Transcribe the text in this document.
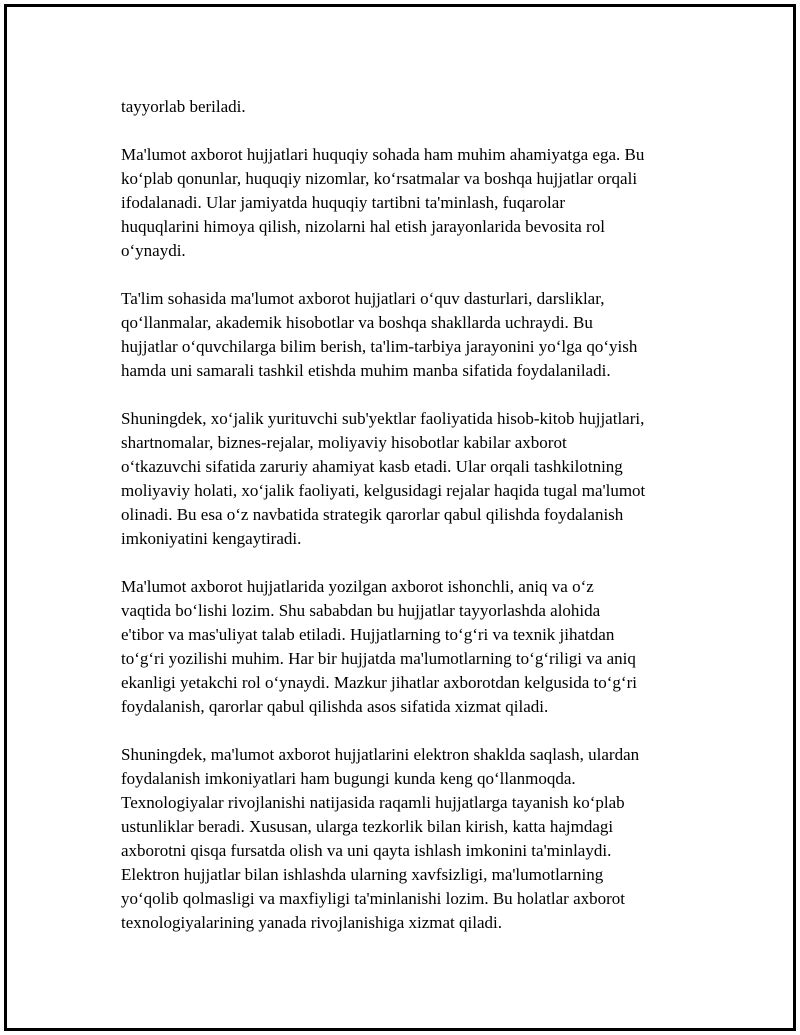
tayyorlab beriladi.

Ma'lumot axborot hujjatlari huquqiy sohada ham muhim ahamiyatga ega. Bu
ko‘plab qonunlar, huquqiy nizomlar, ko‘rsatmalar va boshqa hujjatlar orqali
ifodalanadi. Ular jamiyatda huquqiy tartibni ta'minlash, fuqarolar
huquqlarini himoya qilish, nizolarni hal etish jarayonlarida bevosita rol
o‘ynaydi.

Ta'lim sohasida ma'lumot axborot hujjatlari o‘quv dasturlari, darsliklar,
qo‘llanmalar, akademik hisobotlar va boshqa shakllarda uchraydi. Bu
hujjatlar o‘quvchilarga bilim berish, ta'lim-tarbiya jarayonini yo‘lga qo‘yish
hamda uni samarali tashkil etishda muhim manba sifatida foydalaniladi.

Shuningdek, xo‘jalik yurituvchi sub'yektlar faoliyatida hisob-kitob hujjatlari,
shartnomalar, biznes-rejalar, moliyaviy hisobotlar kabilar axborot
o‘tkazuvchi sifatida zaruriy ahamiyat kasb etadi. Ular orqali tashkilotning
moliyaviy holati, xo‘jalik faoliyati, kelgusidagi rejalar haqida tugal ma'lumot
olinadi. Bu esa o‘z navbatida strategik qarorlar qabul qilishda foydalanish
imkoniyatini kengaytiradi.

Ma'lumot axborot hujjatlarida yozilgan axborot ishonchli, aniq va o‘z
vaqtida bo‘lishi lozim. Shu sababdan bu hujjatlar tayyorlashda alohida
e'tibor va mas'uliyat talab etiladi. Hujjatlarning to‘g‘ri va texnik jihatdan
to‘g‘ri yozilishi muhim. Har bir hujjatda ma'lumotlarning to‘g‘riligi va aniq
ekanligi yetakchi rol o‘ynaydi. Mazkur jihatlar axborotdan kelgusida to‘g‘ri
foydalanish, qarorlar qabul qilishda asos sifatida xizmat qiladi.

Shuningdek, ma'lumot axborot hujjatlarini elektron shaklda saqlash, ulardan
foydalanish imkoniyatlari ham bugungi kunda keng qo‘llanmoqda.
Texnologiyalar rivojlanishi natijasida raqamli hujjatlarga tayanish ko‘plab
ustunliklar beradi. Xususan, ularga tezkorlik bilan kirish, katta hajmdagi
axborotni qisqa fursatda olish va uni qayta ishlash imkonini ta'minlaydi.
Elektron hujjatlar bilan ishlashda ularning xavfsizligi, ma'lumotlarning
yo‘qolib qolmasligi va maxfiyligi ta'minlanishi lozim. Bu holatlar axborot
texnologiyalarining yanada rivojlanishiga xizmat qiladi.
